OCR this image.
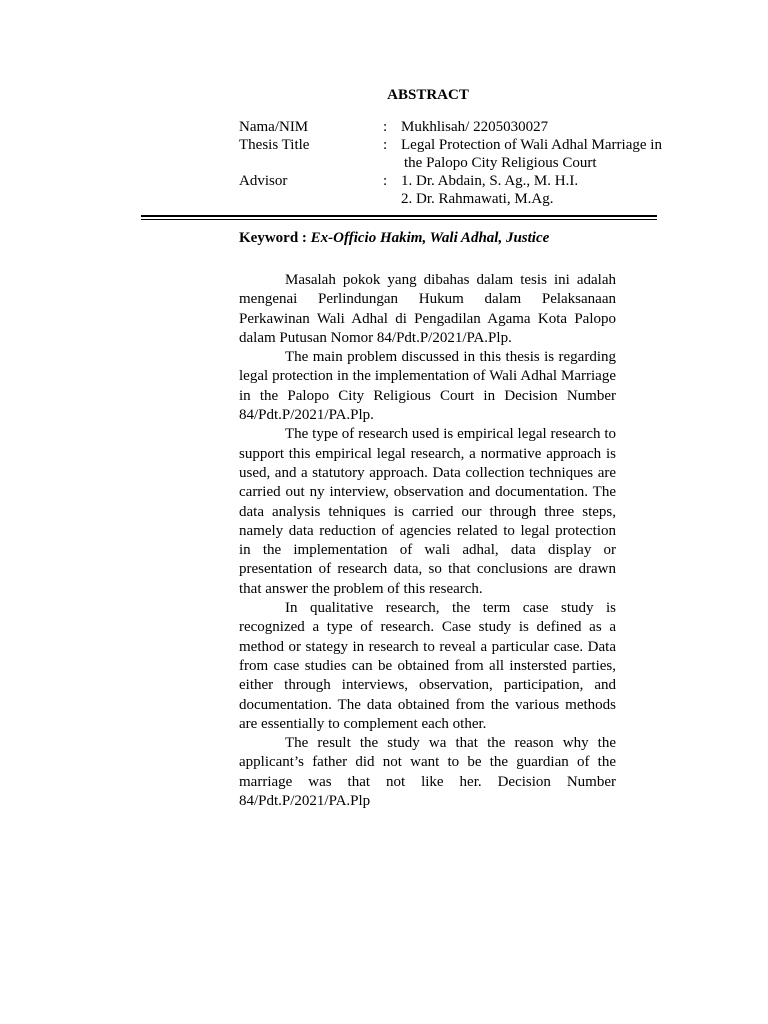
ABSTRACT
Nama/NIM	: Mukhlisah/ 2205030027
Thesis Title	: Legal Protection of Wali Adhal Marriage in
the Palopo City Religious Court
Advisor	: 1. Dr. Abdain, S. Ag., M. H.I.
2. Dr. Rahmawati, M.Ag.
Keyword : Ex-Officio Hakim, Wali Adhal, Justice

Masalah pokok yang dibahas dalam tesis ini adalah mengenai Perlindungan Hukum dalam Pelaksanaan Perkawinan Wali Adhal di Pengadilan Agama Kota Palopo dalam Putusan Nomor 84/Pdt.P/2021/PA.Plp.

The main problem discussed in this thesis is regarding legal protection in the implementation of Wali Adhal Marriage in the Palopo City Religious Court in Decision Number 84/Pdt.P/2021/PA.Plp.

The type of research used is empirical legal research to support this empirical legal research, a normative approach is used, and a statutory approach. Data collection techniques are carried out ny interview, observation and documentation. The data analysis tehniques is carried our through three steps, namely data reduction of agencies related to legal protection in the implementation of wali adhal, data display or presentation of research data, so that conclusions are drawn that answer the problem of this research.

In qualitative research, the term case study is recognized a type of research. Case study is defined as a method or stategy in research to reveal a particular case. Data from case studies can be obtained from all instersted parties, either through interviews, observation, participation, and documentation. The data obtained from the various methods are essentially to complement each other.

The result the study wa that the reason why the applicant’s father did not want to be the guardian of the marriage was that not like her. Decision Number 84/Pdt.P/2021/PA.Plp
